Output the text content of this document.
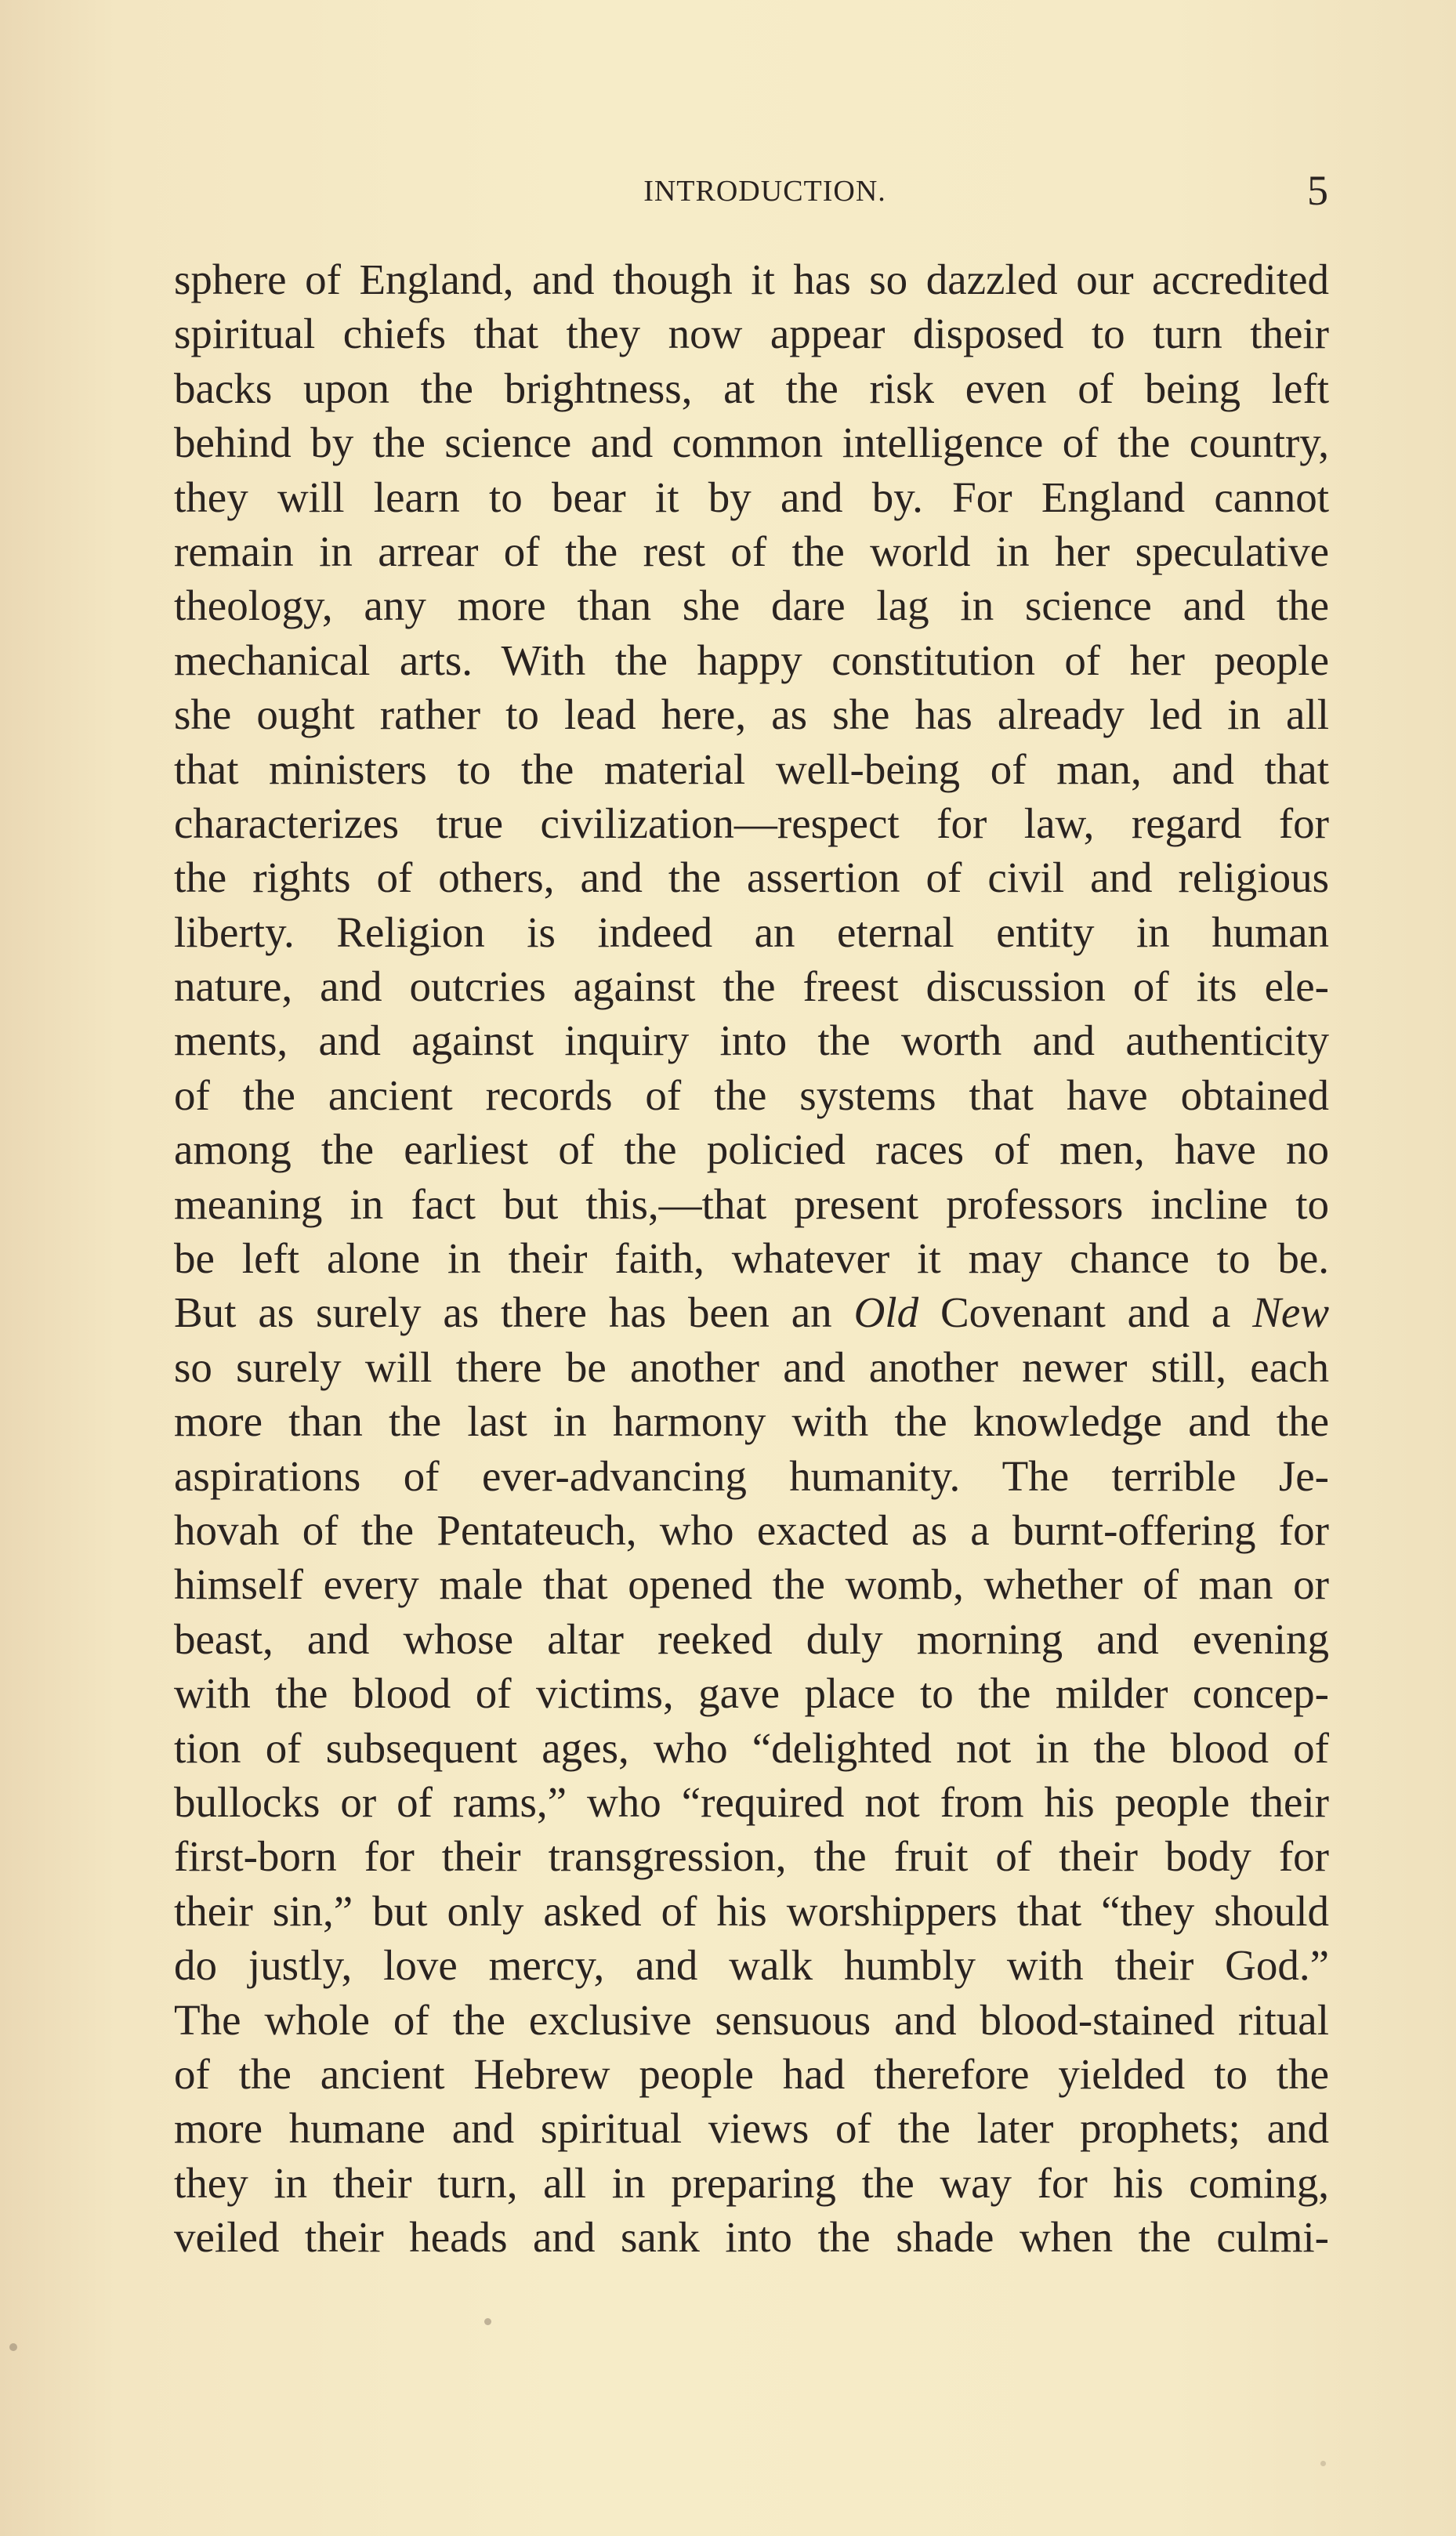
INTRODUCTION.	5
sphere of England, and though it has so dazzled our accredited
spiritual chiefs that they now appear disposed to turn their
backs upon the brightness, at the risk even of being left
behind by the science and common intelligence of the country,
they will learn to bear it by and by. For England cannot
remain in arrear of the rest of the world in her speculative
theology, any more than she dare lag in science and the
mechanical arts. With the happy constitution of her people
she ought rather to lead here, as she has already led in all
that ministers to the material well-being of man, and that
characterizes true civilization—respect for law, regard for
the rights of others, and the assertion of civil and religious
liberty. Religion is indeed an eternal entity in human
nature, and outcries against the freest discussion of its ele-
ments, and against inquiry into the worth and authenticity
of the ancient records of the systems that have obtained
among the earliest of the policied races of men, have no
meaning in fact but this,—that present professors incline to
be left alone in their faith, whatever it may chance to be.
But as surely as there has been an Old Covenant and a New
so surely will there be another and another newer still, each
more than the last in harmony with the knowledge and the
aspirations of ever-advancing humanity. The terrible Je-
hovah of the Pentateuch, who exacted as a burnt-offering for
himself every male that opened the womb, whether of man or
beast, and whose altar reeked duly morning and evening
with the blood of victims, gave place to the milder concep-
tion of subsequent ages, who “delighted not in the blood of
bullocks or of rams,” who “required not from his people their
first-born for their transgression, the fruit of their body for
their sin,” but only asked of his worshippers that “they should
do justly, love mercy, and walk humbly with their God.”
The whole of the exclusive sensuous and blood-stained ritual
of the ancient Hebrew people had therefore yielded to the
more humane and spiritual views of the later prophets; and
they in their turn, all in preparing the way for his coming,
veiled their heads and sank into the shade when the culmi-
